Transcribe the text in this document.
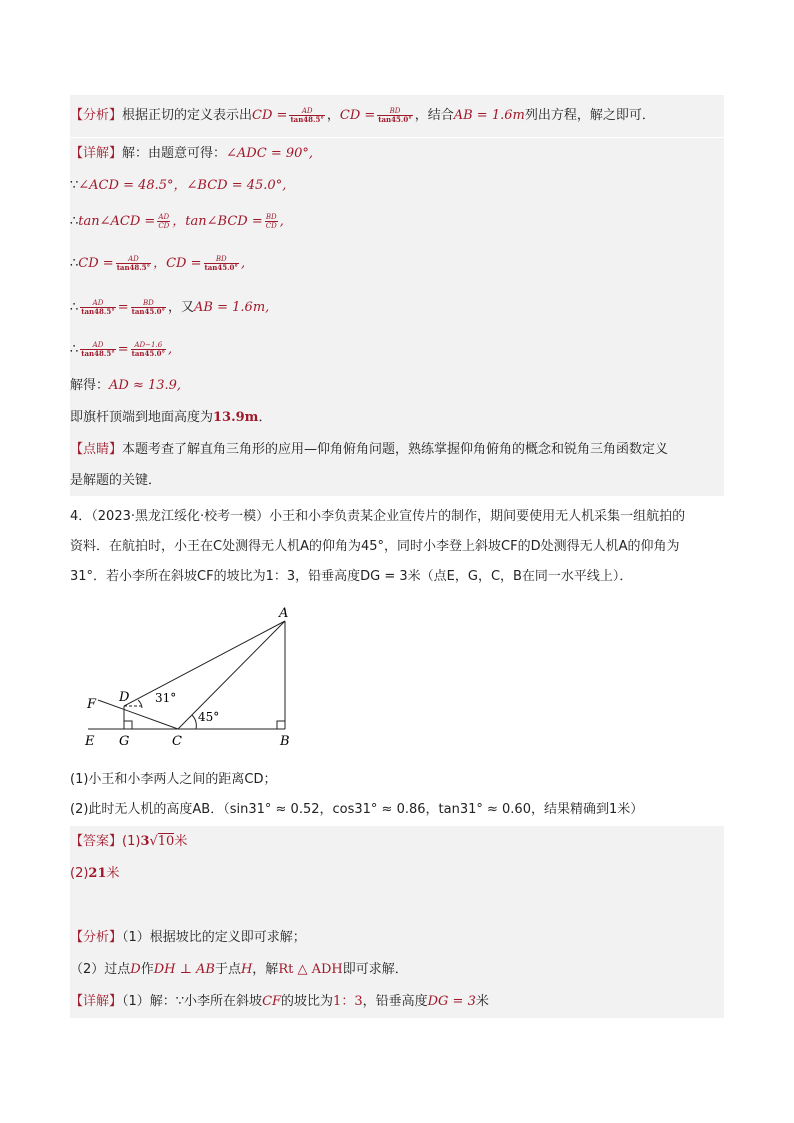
【分析】根据正切的定义表示出CD = $\frac{AD}{\tan 48.5^\circ}$ ，CD = $\frac{BD}{\tan 45.0^\circ}$ ，结合AB = 1.6m列出方程，解之即可．
【详解】解：由题意可得：∠ADC = 90°,
∵∠ACD = 48.5°，∠BCD = 45.0°,
∴tan∠ACD = $\frac{AD}{CD}$ ，tan∠BCD = $\frac{BD}{CD}$ ,
∴CD = $\frac{AD}{\tan 48.5^\circ}$ ，CD = $\frac{BD}{\tan 45.0^\circ}$ ,
∴ $\frac{AD}{\tan 48.5^\circ} = \frac{BD}{\tan 45.0^\circ}$ ，又AB = 1.6m,
∴ $\frac{AD}{\tan 48.5^\circ} = \frac{AD-1.6}{\tan 45.0^\circ}$ ,
解得：AD ≈ 13.9,
即旗杆顶端到地面高度为13.9m．
【点睛】本题考查了解直角三角形的应用—仰角俯角问题，熟练掌握仰角俯角的概念和锐角三角函数定义
是解题的关键．
4．（2023·黑龙江绥化·校考一模）小王和小李负责某企业宣传片的制作，期间要使用无人机采集一组航拍的
资料．在航拍时，小王在C处测得无人机A的仰角为45°，同时小李登上斜坡CF的D处测得无人机A的仰角为
31°．若小李所在斜坡CF的坡比为1：3，铅垂高度DG = 3米（点E，G，C，B在同一水平线上）．
A
B
C
D
E
F
G
31°
45°
(1)小王和小李两人之间的距离CD；
(2)此时无人机的高度AB．（sin31° ≈ 0.52，cos31° ≈ 0.86，tan31° ≈ 0.60，结果精确到1米）
【答案】(1)3√10米
(2)21米
【分析】（1）根据坡比的定义即可求解；
（2）过点D作DH ⊥ AB于点H，解Rt △ ADH即可求解．
【详解】（1）解：∵小李所在斜坡CF的坡比为1：3，铅垂高度DG = 3米
